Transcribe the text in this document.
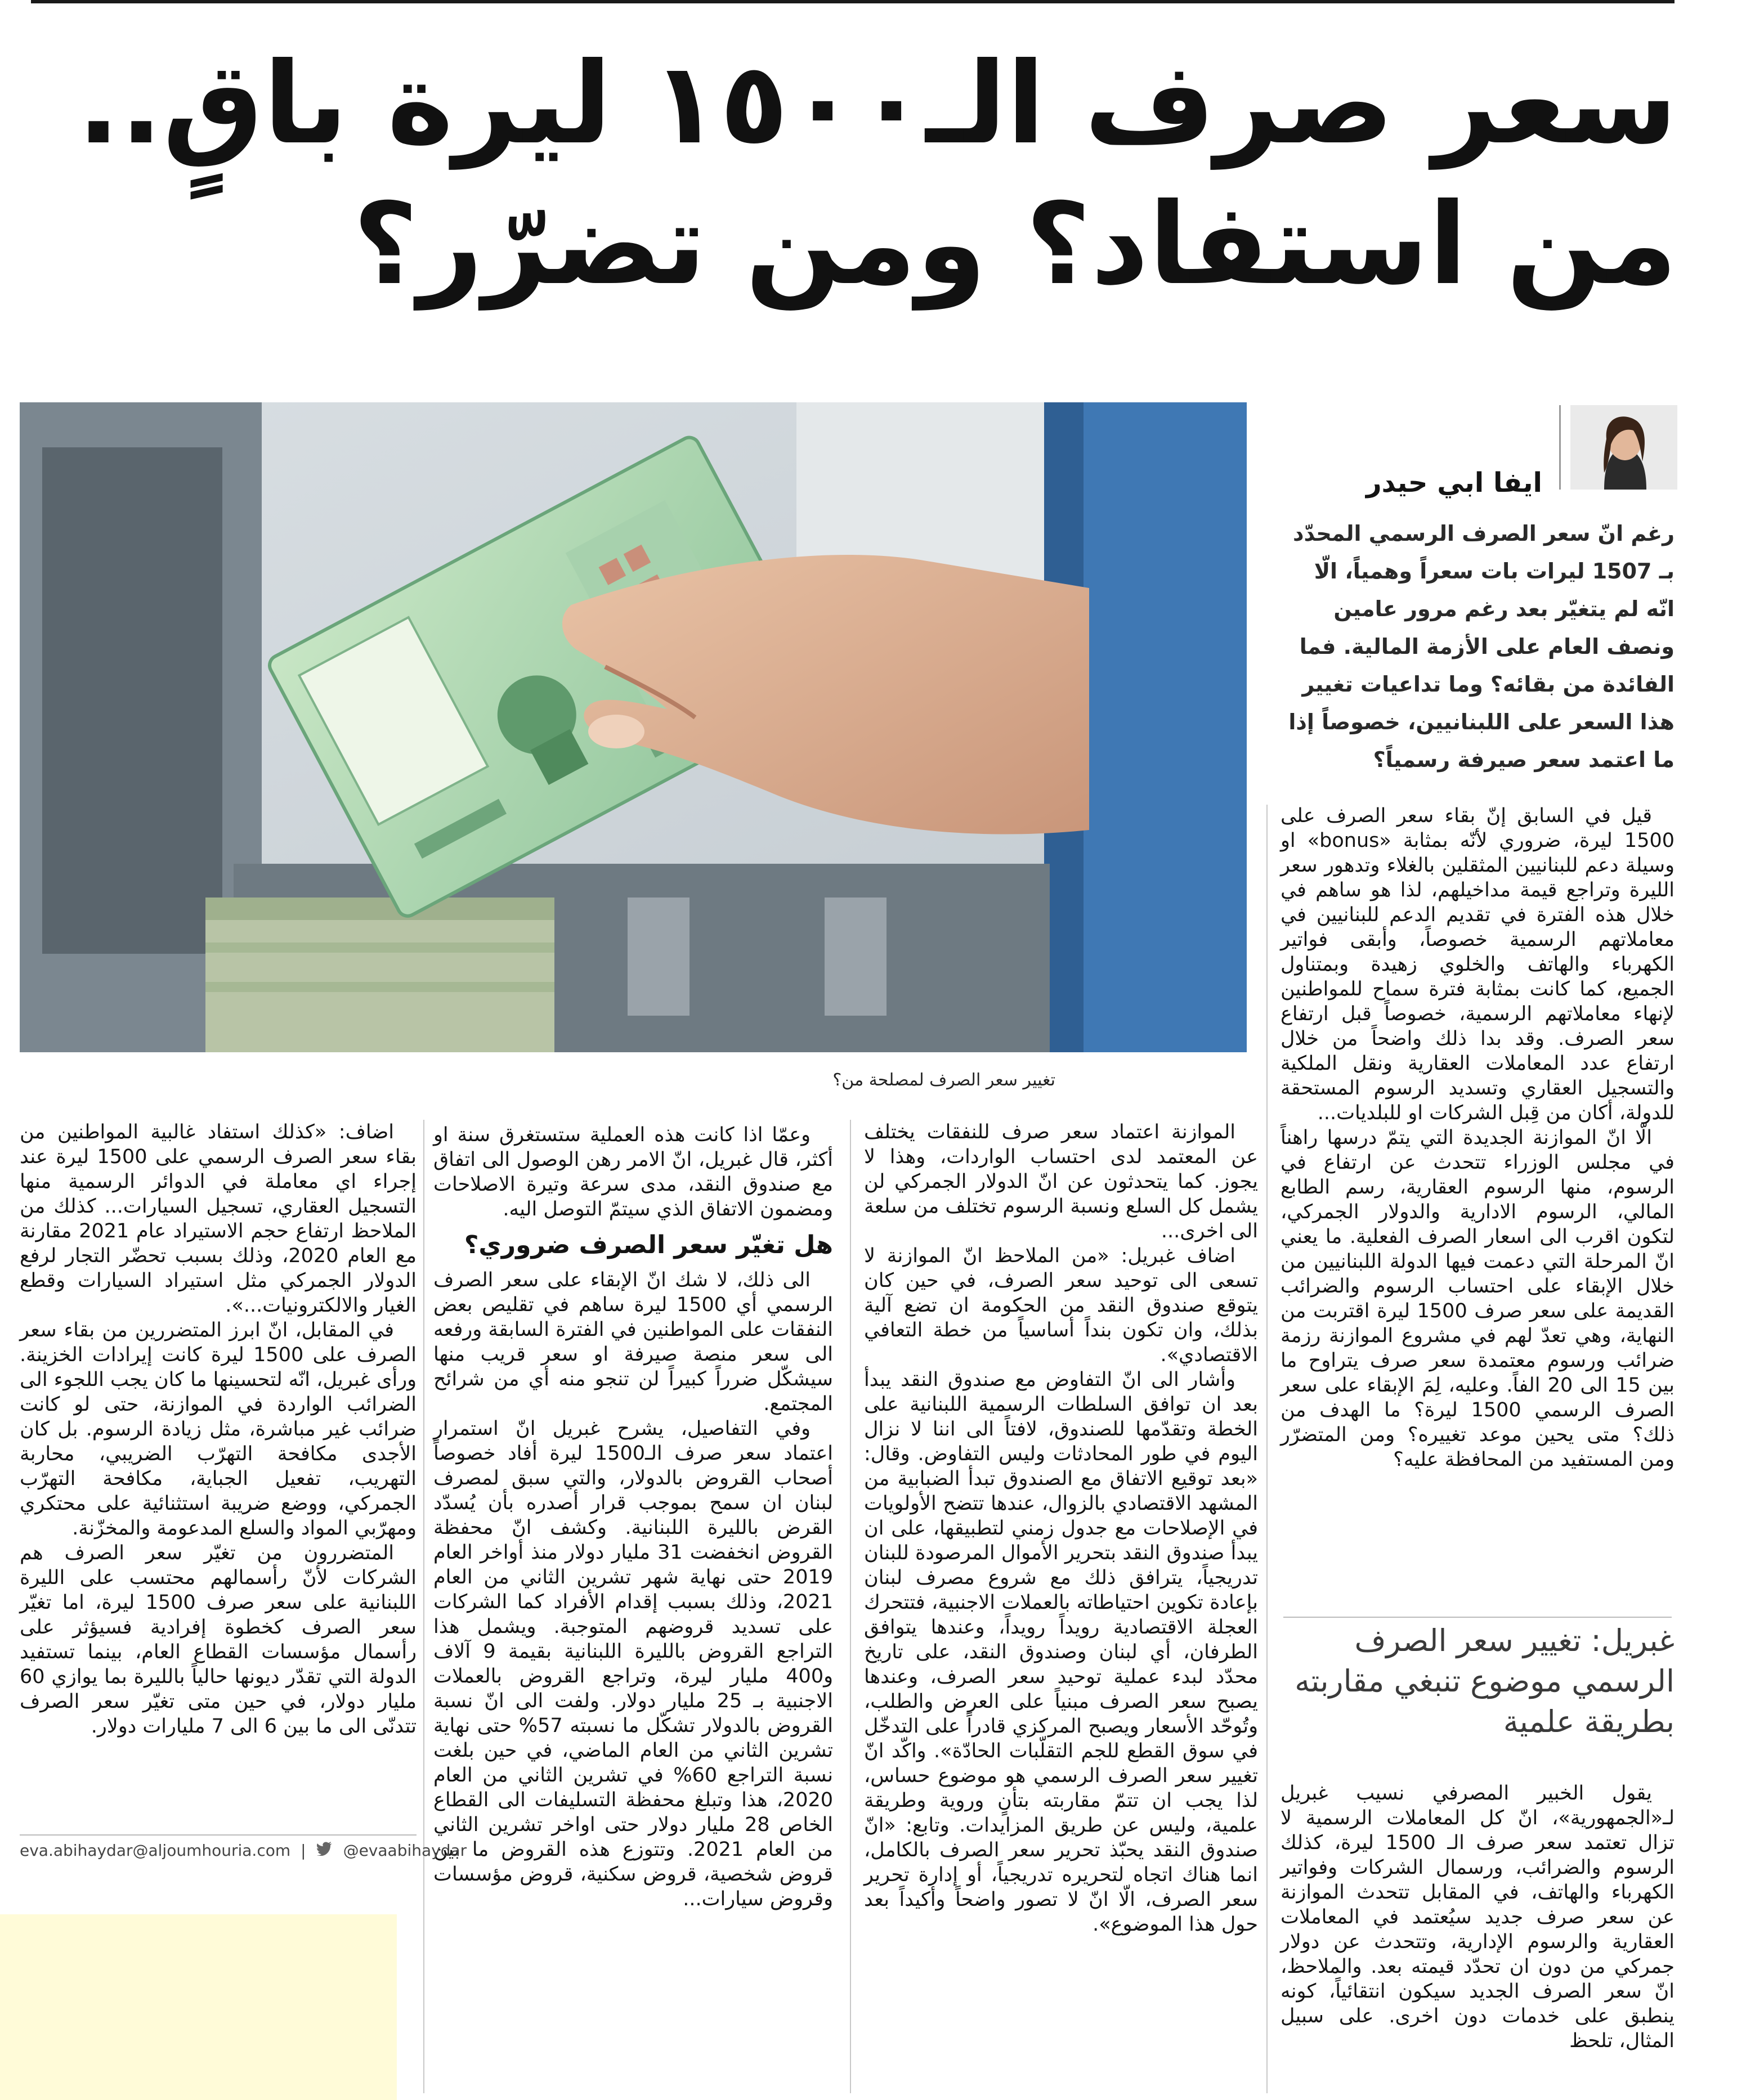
سعر صرف الـ١٥٠٠ ليرة باقٍ..
من استفاد؟ ومن تضرّر؟
تغيير سعر الصرف لمصلحة من؟
ايفا ابي حيدر
رغم انّ سعر الصرف الرسمي المحدّد بـ 1507 ليرات بات سعراً وهمياً، الّا انّه لم يتغيّر بعد رغم مرور عامين ونصف العام على الأزمة المالية. فما الفائدة من بقائه؟ وما تداعيات تغيير هذا السعر على اللبنانيين، خصوصاً إذا ما اعتمد سعر صيرفة رسمياً؟

قيل في السابق إنّ بقاء سعر الصرف على 1500 ليرة، ضروري لأنّه بمثابة «bonus» او وسيلة دعم للبنانيين المثقلين بالغلاء وتدهور سعر الليرة وتراجع قيمة مداخيلهم، لذا هو ساهم في خلال هذه الفترة في تقديم الدعم للبنانيين في معاملاتهم الرسمية خصوصاً، وأبقى فواتير الكهرباء والهاتف والخلوي زهيدة وبمتناول الجميع، كما كانت بمثابة فترة سماح للمواطنين لإنهاء معاملاتهم الرسمية، خصوصاً قبل ارتفاع سعر الصرف. وقد بدا ذلك واضحاً من خلال ارتفاع عدد المعاملات العقارية ونقل الملكية والتسجيل العقاري وتسديد الرسوم المستحقة للدولة، أكان من قِبل الشركات او للبلديات...

الّا انّ الموازنة الجديدة التي يتمّ درسها راهناً في مجلس الوزراء تتحدث عن ارتفاع في الرسوم، منها الرسوم العقارية، رسم الطابع المالي، الرسوم الادارية والدولار الجمركي، لتكون اقرب الى اسعار الصرف الفعلية. ما يعني انّ المرحلة التي دعمت فيها الدولة اللبنانيين من خلال الإبقاء على احتساب الرسوم والضرائب القديمة على سعر صرف 1500 ليرة اقتربت من النهاية، وهي تعدّ لهم في مشروع الموازنة رزمة ضرائب ورسوم معتمدة سعر صرف يتراوح ما بين 15 الى 20 الفاً. وعليه، لِمَ الإبقاء على سعر الصرف الرسمي 1500 ليرة؟ ما الهدف من ذلك؟ متى يحين موعد تغييره؟ ومن المتضرّر ومن المستفيد من المحافظة عليه؟

غبريل: تغيير سعر الصرف الرسمي موضوع تنبغي مقاربته بطريقة علمية

يقول الخبير المصرفي نسيب غبريل لـ«الجمهورية»، انّ كل المعاملات الرسمية لا تزال تعتمد سعر صرف الـ 1500 ليرة، كذلك الرسوم والضرائب، ورسمال الشركات وفواتير الكهرباء والهاتف، في المقابل تتحدث الموازنة عن سعر صرف جديد سيُعتمد في المعاملات العقارية والرسوم الإدارية، وتتحدث عن دولار جمركي من دون ان تحدّد قيمته بعد. والملاحظ، انّ سعر الصرف الجديد سيكون انتقائياً، كونه ينطبق على خدمات دون اخرى. على سبيل المثال، تلحظ

الموازنة اعتماد سعر صرف للنفقات يختلف عن المعتمد لدى احتساب الواردات، وهذا لا يجوز. كما يتحدثون عن انّ الدولار الجمركي لن يشمل كل السلع ونسبة الرسوم تختلف من سلعة الى اخرى...

اضاف غبريل: «من الملاحظ انّ الموازنة لا تسعى الى توحيد سعر الصرف، في حين كان يتوقع صندوق النقد من الحكومة ان تضع آلية بذلك، وان تكون بنداً أساسياً من خطة التعافي الاقتصادي».

وأشار الى انّ التفاوض مع صندوق النقد يبدأ بعد ان توافق السلطات الرسمية اللبنانية على الخطة وتقدّمها للصندوق، لافتاً الى اننا لا نزال اليوم في طور المحادثات وليس التفاوض. وقال: «بعد توقيع الاتفاق مع الصندوق تبدأ الضبابية من المشهد الاقتصادي بالزوال، عندها تتضح الأولويات في الإصلاحات مع جدول زمني لتطبيقها، على ان يبدأ صندوق النقد بتحرير الأموال المرصودة للبنان تدريجياً، يترافق ذلك مع شروع مصرف لبنان بإعادة تكوين احتياطاته بالعملات الاجنبية، فتتحرك العجلة الاقتصادية رويداً رويداً، وعندها يتوافق الطرفان، أي لبنان وصندوق النقد، على تاريخ محدّد لبدء عملية توحيد سعر الصرف، وعندها يصبح سعر الصرف مبنياً على العرض والطلب، وتُوحّد الأسعار ويصبح المركزي قادراً على التدخّل في سوق القطع للجم التقلّبات الحادّة». واكّد انّ تغيير سعر الصرف الرسمي هو موضوع حساس، لذا يجب ان تتمّ مقاربته بتأنٍ وروية وطريقة علمية، وليس عن طريق المزايدات. وتابع: «انّ صندوق النقد يحبّذ تحرير سعر الصرف بالكامل، انما هناك اتجاه لتحريره تدريجياً، أو إدارة تحرير سعر الصرف، الّا انّ لا تصور واضحاً وأكيداً بعد حول هذا الموضوع».

وعمّا اذا كانت هذه العملية ستستغرق سنة او أكثر، قال غبريل، انّ الامر رهن الوصول الى اتفاق مع صندوق النقد، مدى سرعة وتيرة الاصلاحات ومضمون الاتفاق الذي سيتمّ التوصل اليه.

هل تغيّر سعر الصرف ضروري؟

الى ذلك، لا شك انّ الإبقاء على سعر الصرف الرسمي أي 1500 ليرة ساهم في تقليص بعض النفقات على المواطنين في الفترة السابقة ورفعه الى سعر منصة صيرفة او سعر قريب منها سيشكّل ضرراً كبيراً لن تنجو منه أي من شرائح المجتمع.

وفي التفاصيل، يشرح غبريل انّ استمرار اعتماد سعر صرف الـ1500 ليرة أفاد خصوصاً أصحاب القروض بالدولار، والتي سبق لمصرف لبنان ان سمح بموجب قرار أصدره بأن يُسدّد القرض بالليرة اللبنانية. وكشف انّ محفظة القروض انخفضت 31 مليار دولار منذ أواخر العام 2019 حتى نهاية شهر تشرين الثاني من العام 2021، وذلك بسبب إقدام الأفراد كما الشركات على تسديد قروضهم المتوجبة. ويشمل هذا التراجع القروض بالليرة اللبنانية بقيمة 9 آلاف و400 مليار ليرة، وتراجع القروض بالعملات الاجنبية بـ 25 مليار دولار. ولفت الى انّ نسبة القروض بالدولار تشكّل ما نسبته 57% حتى نهاية تشرين الثاني من العام الماضي، في حين بلغت نسبة التراجع 60% في تشرين الثاني من العام 2020، هذا وتبلغ محفظة التسليفات الى القطاع الخاص 28 مليار دولار حتى اواخر تشرين الثاني من العام 2021. وتتوزع هذه القروض ما بين قروض شخصية، قروض سكنية، قروض مؤسسات وقروض سيارات...

اضاف: «كذلك استفاد غالبية المواطنين من بقاء سعر الصرف الرسمي على 1500 ليرة عند إجراء اي معاملة في الدوائر الرسمية منها التسجيل العقاري، تسجيل السيارات... كذلك من الملاحظ ارتفاع حجم الاستيراد عام 2021 مقارنة مع العام 2020، وذلك بسبب تحضّر التجار لرفع الدولار الجمركي مثل استيراد السيارات وقطع الغيار والالكترونيات...».

في المقابل، انّ ابرز المتضررين من بقاء سعر الصرف على 1500 ليرة كانت إيرادات الخزينة. ورأى غبريل، انّه لتحسينها ما كان يجب اللجوء الى الضرائب الواردة في الموازنة، حتى لو كانت ضرائب غير مباشرة، مثل زيادة الرسوم. بل كان الأجدى مكافحة التهرّب الضريبي، محاربة التهريب، تفعيل الجباية، مكافحة التهرّب الجمركي، ووضع ضريبة استثنائية على محتكري ومهرّبي المواد والسلع المدعومة والمخزّنة.

المتضررون من تغيّر سعر الصرف هم الشركات لأنّ رأسمالهم محتسب على الليرة اللبنانية على سعر صرف 1500 ليرة، اما تغيّر سعر الصرف كخطوة إفرادية فسيؤثر على رأسمال مؤسسات القطاع العام، بينما تستفيد الدولة التي تقدّر ديونها حالياً بالليرة بما يوازي 60 مليار دولار، في حين متى تغيّر سعر الصرف تتدنّى الى ما بين 6 الى 7 مليارات دولار.

eva.abihaydar@aljoumhouria.com | @evaabihaydar
